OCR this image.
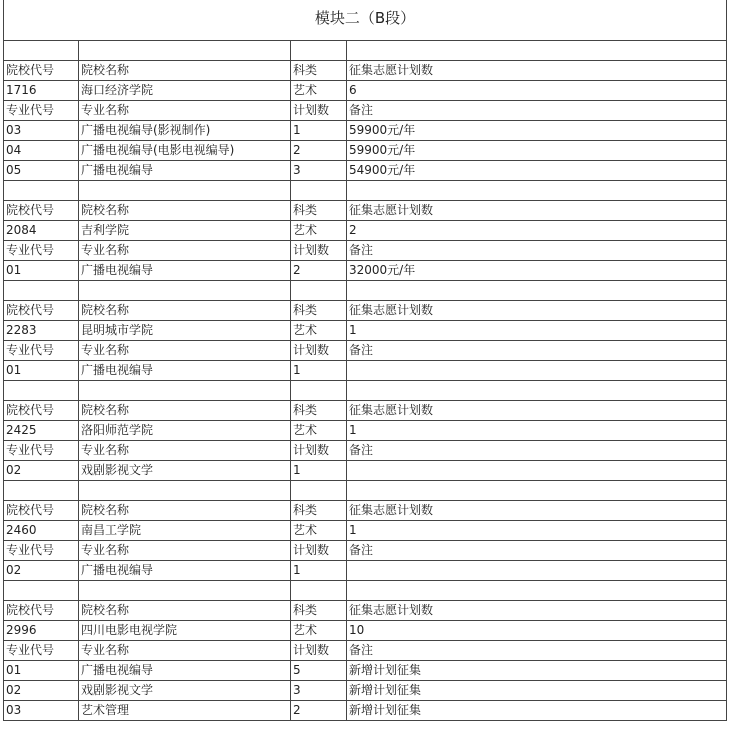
模块二（B段）			

院校代号	院校名称	科类	征集志愿计划数
1716	海口经济学院	艺术	6
专业代号	专业名称	计划数	备注
03	广播电视编导(影视制作)	1	59900元/年
04	广播电视编导(电影电视编导)	2	59900元/年
05	广播电视编导	3	54900元/年

院校代号	院校名称	科类	征集志愿计划数
2084	吉利学院	艺术	2
专业代号	专业名称	计划数	备注
01	广播电视编导	2	32000元/年

院校代号	院校名称	科类	征集志愿计划数
2283	昆明城市学院	艺术	1
专业代号	专业名称	计划数	备注
01	广播电视编导	1	

院校代号	院校名称	科类	征集志愿计划数
2425	洛阳师范学院	艺术	1
专业代号	专业名称	计划数	备注
02	戏剧影视文学	1	

院校代号	院校名称	科类	征集志愿计划数
2460	南昌工学院	艺术	1
专业代号	专业名称	计划数	备注
02	广播电视编导	1	

院校代号	院校名称	科类	征集志愿计划数
2996	四川电影电视学院	艺术	10
专业代号	专业名称	计划数	备注
01	广播电视编导	5	新增计划征集
02	戏剧影视文学	3	新增计划征集
03	艺术管理	2	新增计划征集
